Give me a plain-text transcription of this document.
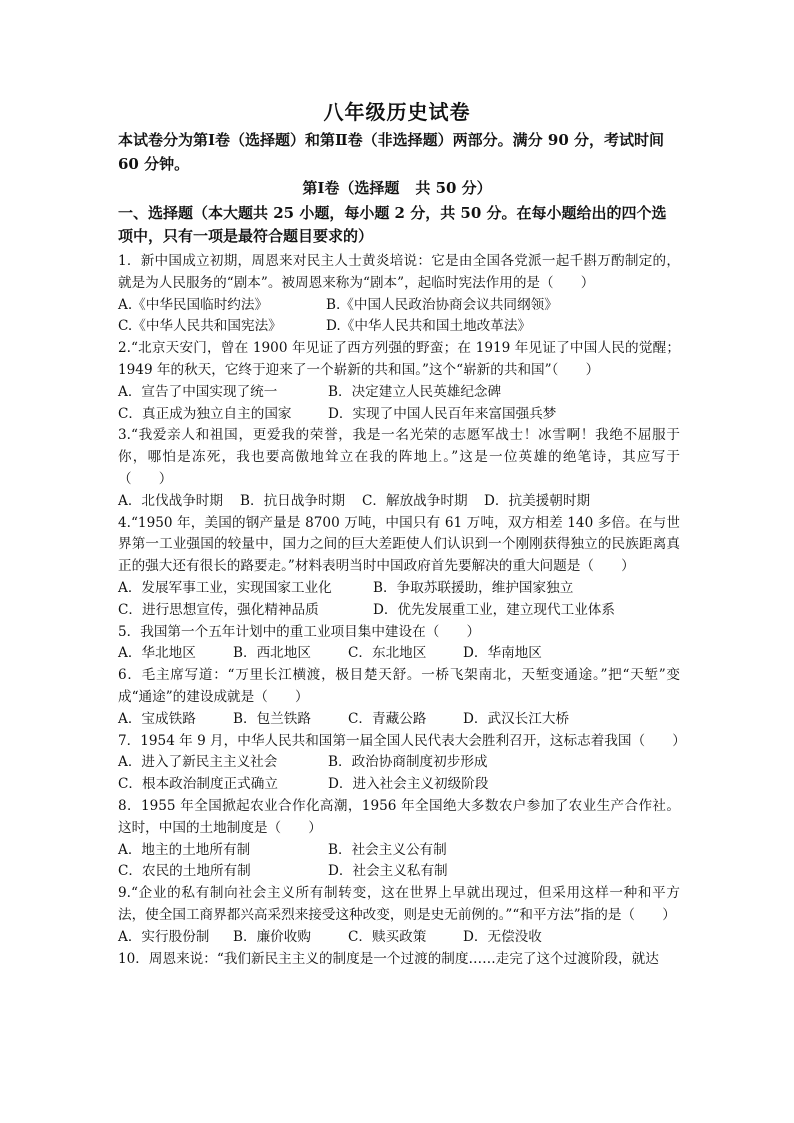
八年级历史试卷
本试卷分为第Ⅰ卷（选择题）和第Ⅱ卷（非选择题）两部分。满分 90 分，考试时间 60 分钟。
第Ⅰ卷（选择题 共 50 分）
一、选择题（本大题共 25 小题，每小题 2 分，共 50 分。在每小题给出的四个选项中，只有一项是最符合题目要求的）
1．新中国成立初期，周恩来对民主人士黄炎培说：它是由全国各党派一起千斟万酌制定的，就是为人民服务的“剧本”。被周恩来称为“剧本”，起临时宪法作用的是（　　）
A.《中华民国临时约法》	B.《中国人民政治协商会议共同纲领》
C.《中华人民共和国宪法》	D.《中华人民共和国土地改革法》
2.“北京天安门，曾在 1900 年见证了西方列强的野蛮；在 1919 年见证了中国人民的觉醒；1949 年的秋天，它终于迎来了一个崭新的共和国。”这个“崭新的共和国”（　　）
A．宣告了中国实现了统一	B．决定建立人民英雄纪念碑
C．真正成为独立自主的国家	D．实现了中国人民百年来富国强兵梦
3.“我爱亲人和祖国，更爱我的荣誉，我是一名光荣的志愿军战士！冰雪啊！我绝不屈服于你，哪怕是冻死，我也要高傲地耸立在我的阵地上。”这是一位英雄的绝笔诗，其应写于（　　）
A．北伐战争时期 B．抗日战争时期 C．解放战争时期 D．抗美援朝时期
4.“1950 年，美国的钢产量是 8700 万吨，中国只有 61 万吨，双方相差 140 多倍。在与世界第一工业强国的较量中，国力之间的巨大差距使人们认识到一个刚刚获得独立的民族距离真正的强大还有很长的路要走。”材料表明当时中国政府首先要解决的重大问题是（　　）
A．发展军事工业，实现国家工业化	B．争取苏联援助，维护国家独立
C．进行思想宣传，强化精神品质	D．优先发展重工业，建立现代工业体系
5．我国第一个五年计划中的重工业项目集中建设在（　　）
A．华北地区	B．西北地区	C．东北地区	D．华南地区
6．毛主席写道：“万里长江横渡，极目楚天舒。一桥飞架南北，天堑变通途。”把“天堑”变成“通途”的建设成就是（　　）
A．宝成铁路	B．包兰铁路	C．青藏公路	D．武汉长江大桥
7．1954 年 9 月，中华人民共和国第一届全国人民代表大会胜利召开，这标志着我国（　　）
A．进入了新民主主义社会	B．政治协商制度初步形成
C．根本政治制度正式确立	D．进入社会主义初级阶段
8．1955 年全国掀起农业合作化高潮，1956 年全国绝大多数农户参加了农业生产合作社。这时，中国的土地制度是（　　）
A．地主的土地所有制	B．社会主义公有制
C．农民的土地所有制	D．社会主义私有制
9.“企业的私有制向社会主义所有制转变，这在世界上早就出现过，但采用这样一种和平方法，使全国工商界都兴高采烈来接受这种改变，则是史无前例的。”“和平方法”指的是（　　）
A．实行股份制 B．廉价收购	C．赎买政策	D．无偿没收
10．周恩来说：“我们新民主主义的制度是一个过渡的制度……走完了这个过渡阶段，就达
